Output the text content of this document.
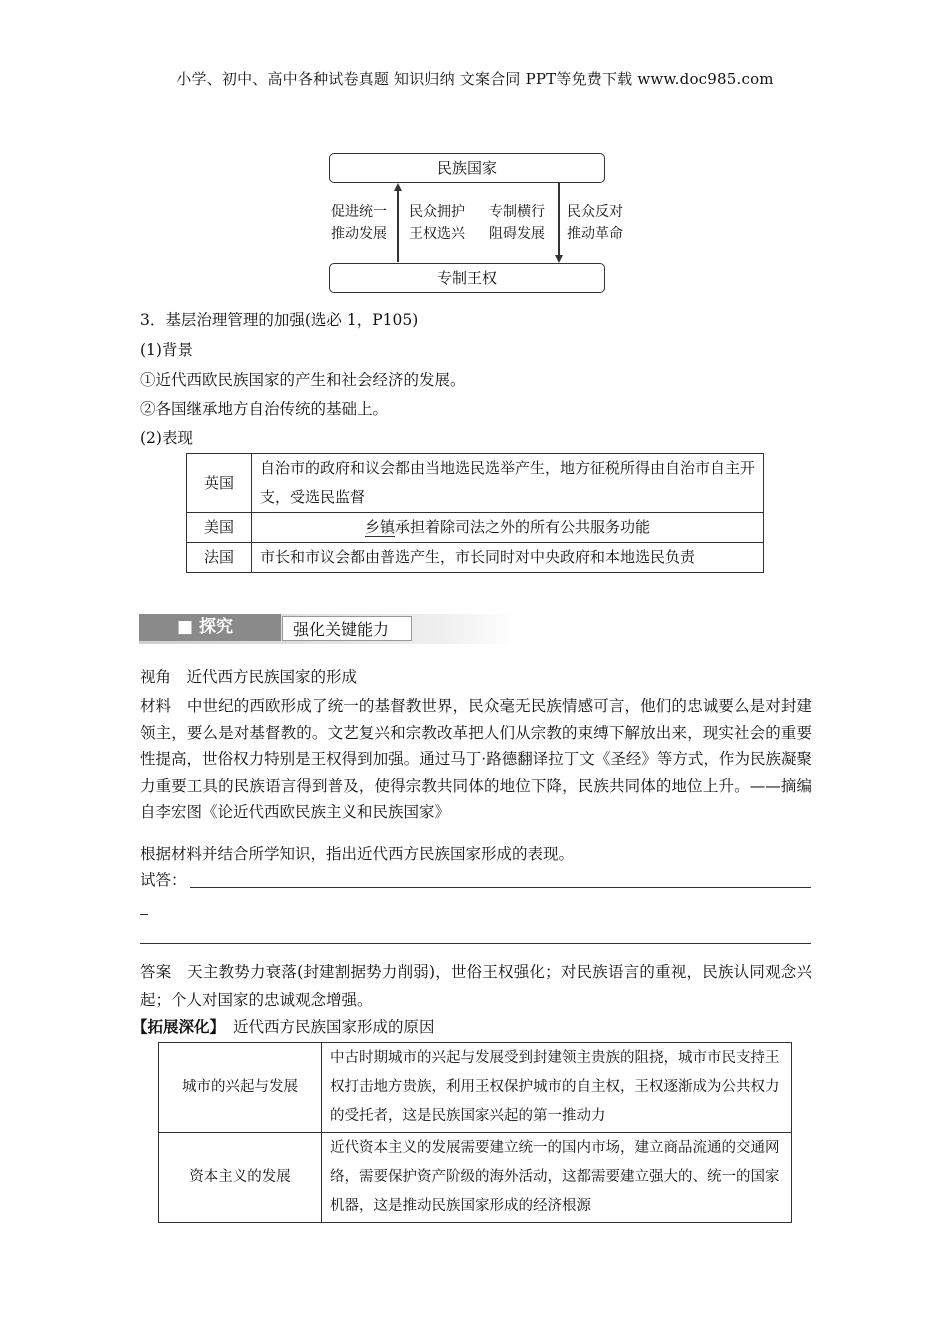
小学、初中、高中各种试卷真题 知识归纳 文案合同 PPT等免费下载 www.doc985.com
民族国家
专制王权
促进统一
推动发展
民众拥护
王权选兴
专制横行
阻碍发展
民众反对
推动革命
3．基层治理管理的加强(选必 1，P105)
(1)背景
①近代西欧民族国家的产生和社会经济的发展。
②各国继承地方自治传统的基础上。
(2)表现
英国	自治市的政府和议会都由当地选民选举产生，地方征税所得由自治市自主开支，受选民监督
美国	乡镇承担着除司法之外的所有公共服务功能
法国	市长和市议会都由普选产生，市长同时对中央政府和本地选民负责
■ 探究	强化关键能力
视角　近代西方民族国家的形成
材料　中世纪的西欧形成了统一的基督教世界，民众毫无民族情感可言，他们的忠诚要么是对封建领主，要么是对基督教的。文艺复兴和宗教改革把人们从宗教的束缚下解放出来，现实社会的重要性提高，世俗权力特别是王权得到加强。通过马丁·路德翻译拉丁文《圣经》等方式，作为民族凝聚力重要工具的民族语言得到普及，使得宗教共同体的地位下降，民族共同体的地位上升。——摘编自李宏图《论近代西欧民族主义和民族国家》
根据材料并结合所学知识，指出近代西方民族国家形成的表现。
试答：
答案　天主教势力衰落(封建割据势力削弱)，世俗王权强化；对民族语言的重视，民族认同观念兴起；个人对国家的忠诚观念增强。
【拓展深化】 近代西方民族国家形成的原因
城市的兴起与发展	中古时期城市的兴起与发展受到封建领主贵族的阻挠，城市市民支持王权打击地方贵族，利用王权保护城市的自主权，王权逐渐成为公共权力的受托者，这是民族国家兴起的第一推动力
资本主义的发展	近代资本主义的发展需要建立统一的国内市场，建立商品流通的交通网络，需要保护资产阶级的海外活动，这都需要建立强大的、统一的国家机器，这是推动民族国家形成的经济根源
